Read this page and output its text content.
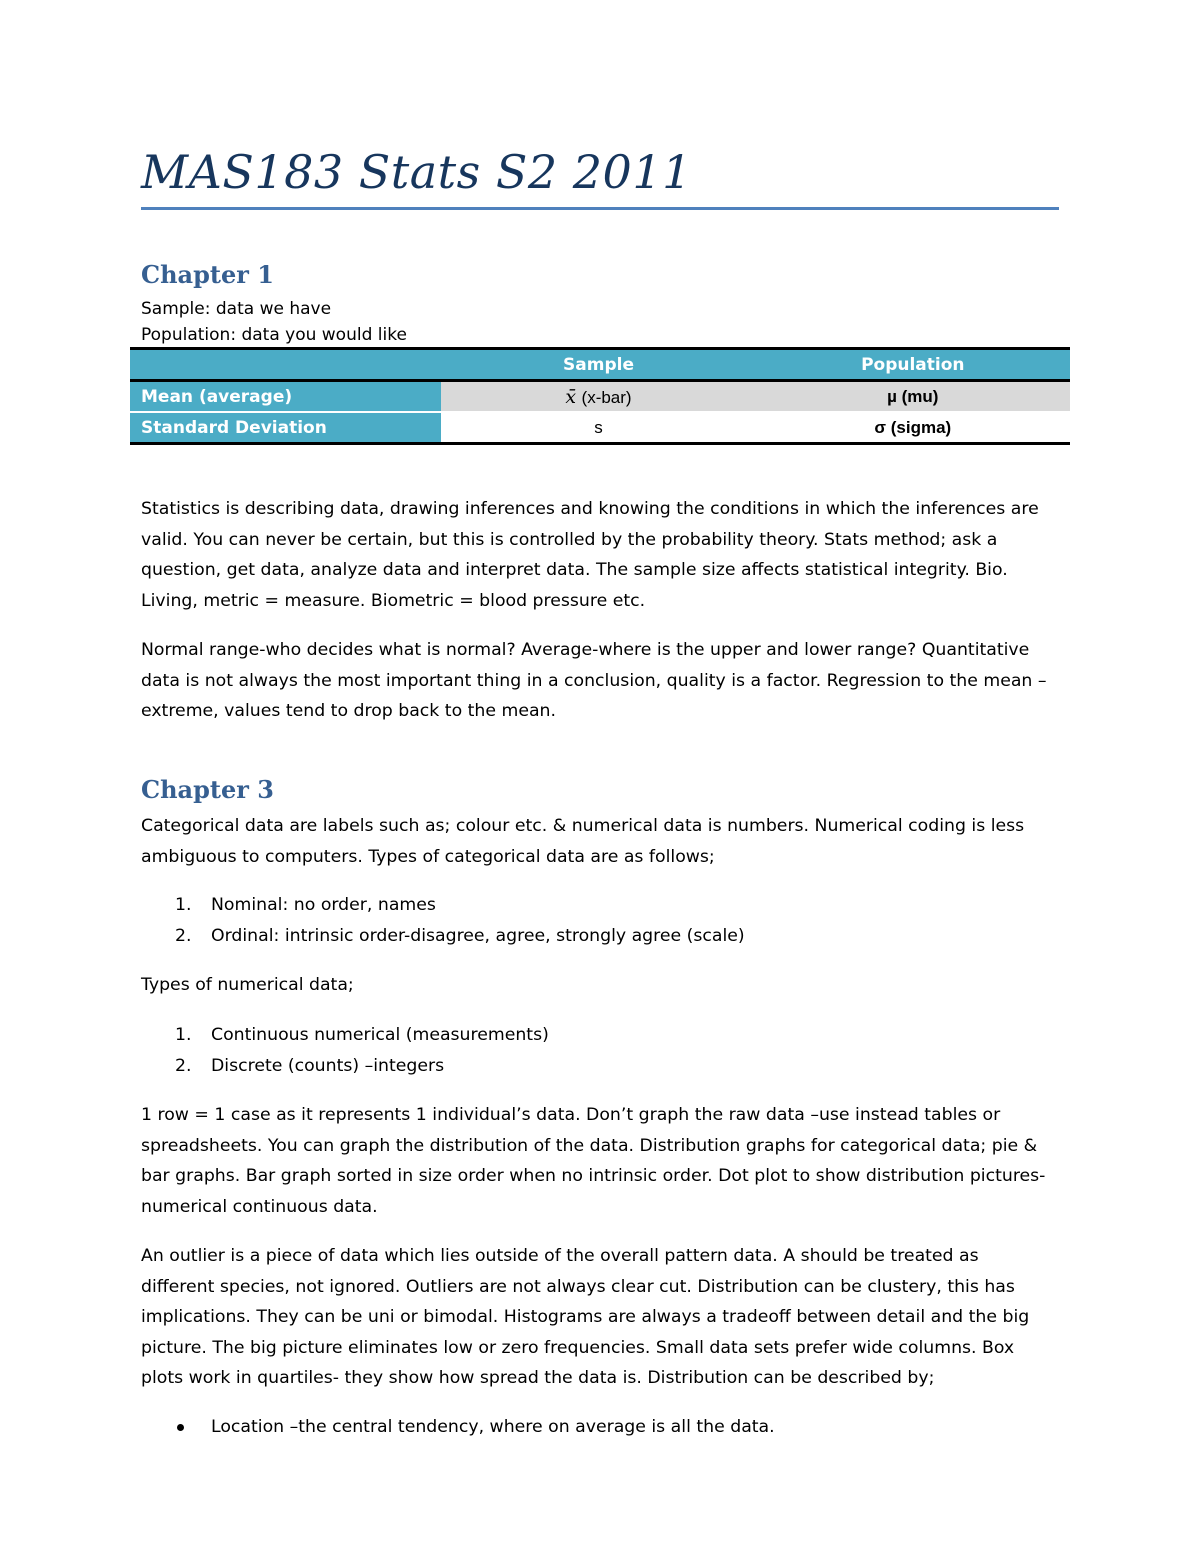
MAS183 Stats S2 2011
Chapter 1

Sample: data we have

Population: data you would like

	Sample	Population
Mean (average)	x̄ (x-bar)	µ (mu)
Standard Deviation	s	σ (sigma)
Statistics is describing data, drawing inferences and knowing the conditions in which the inferences are
valid. You can never be certain, but this is controlled by the probability theory. Stats method; ask a
question, get data, analyze data and interpret data. The sample size affects statistical integrity. Bio.
Living, metric = measure. Biometric = blood pressure etc.
Normal range-who decides what is normal? Average-where is the upper and lower range? Quantitative
data is not always the most important thing in a conclusion, quality is a factor. Regression to the mean –
extreme, values tend to drop back to the mean.
Chapter 3
Categorical data are labels such as; colour etc. & numerical data is numbers. Numerical coding is less
ambiguous to computers. Types of categorical data are as follows;
1. Nominal: no order, names
2. Ordinal: intrinsic order-disagree, agree, strongly agree (scale)
Types of numerical data;
1. Continuous numerical (measurements)
2. Discrete (counts) –integers
1 row = 1 case as it represents 1 individual’s data. Don’t graph the raw data –use instead tables or
spreadsheets. You can graph the distribution of the data. Distribution graphs for categorical data; pie &
bar graphs. Bar graph sorted in size order when no intrinsic order. Dot plot to show distribution pictures-
numerical continuous data.
An outlier is a piece of data which lies outside of the overall pattern data. A should be treated as
different species, not ignored. Outliers are not always clear cut. Distribution can be clustery, this has
implications. They can be uni or bimodal. Histograms are always a tradeoff between detail and the big
picture. The big picture eliminates low or zero frequencies. Small data sets prefer wide columns. Box
plots work in quartiles- they show how spread the data is. Distribution can be described by;
Location –the central tendency, where on average is all the data.
